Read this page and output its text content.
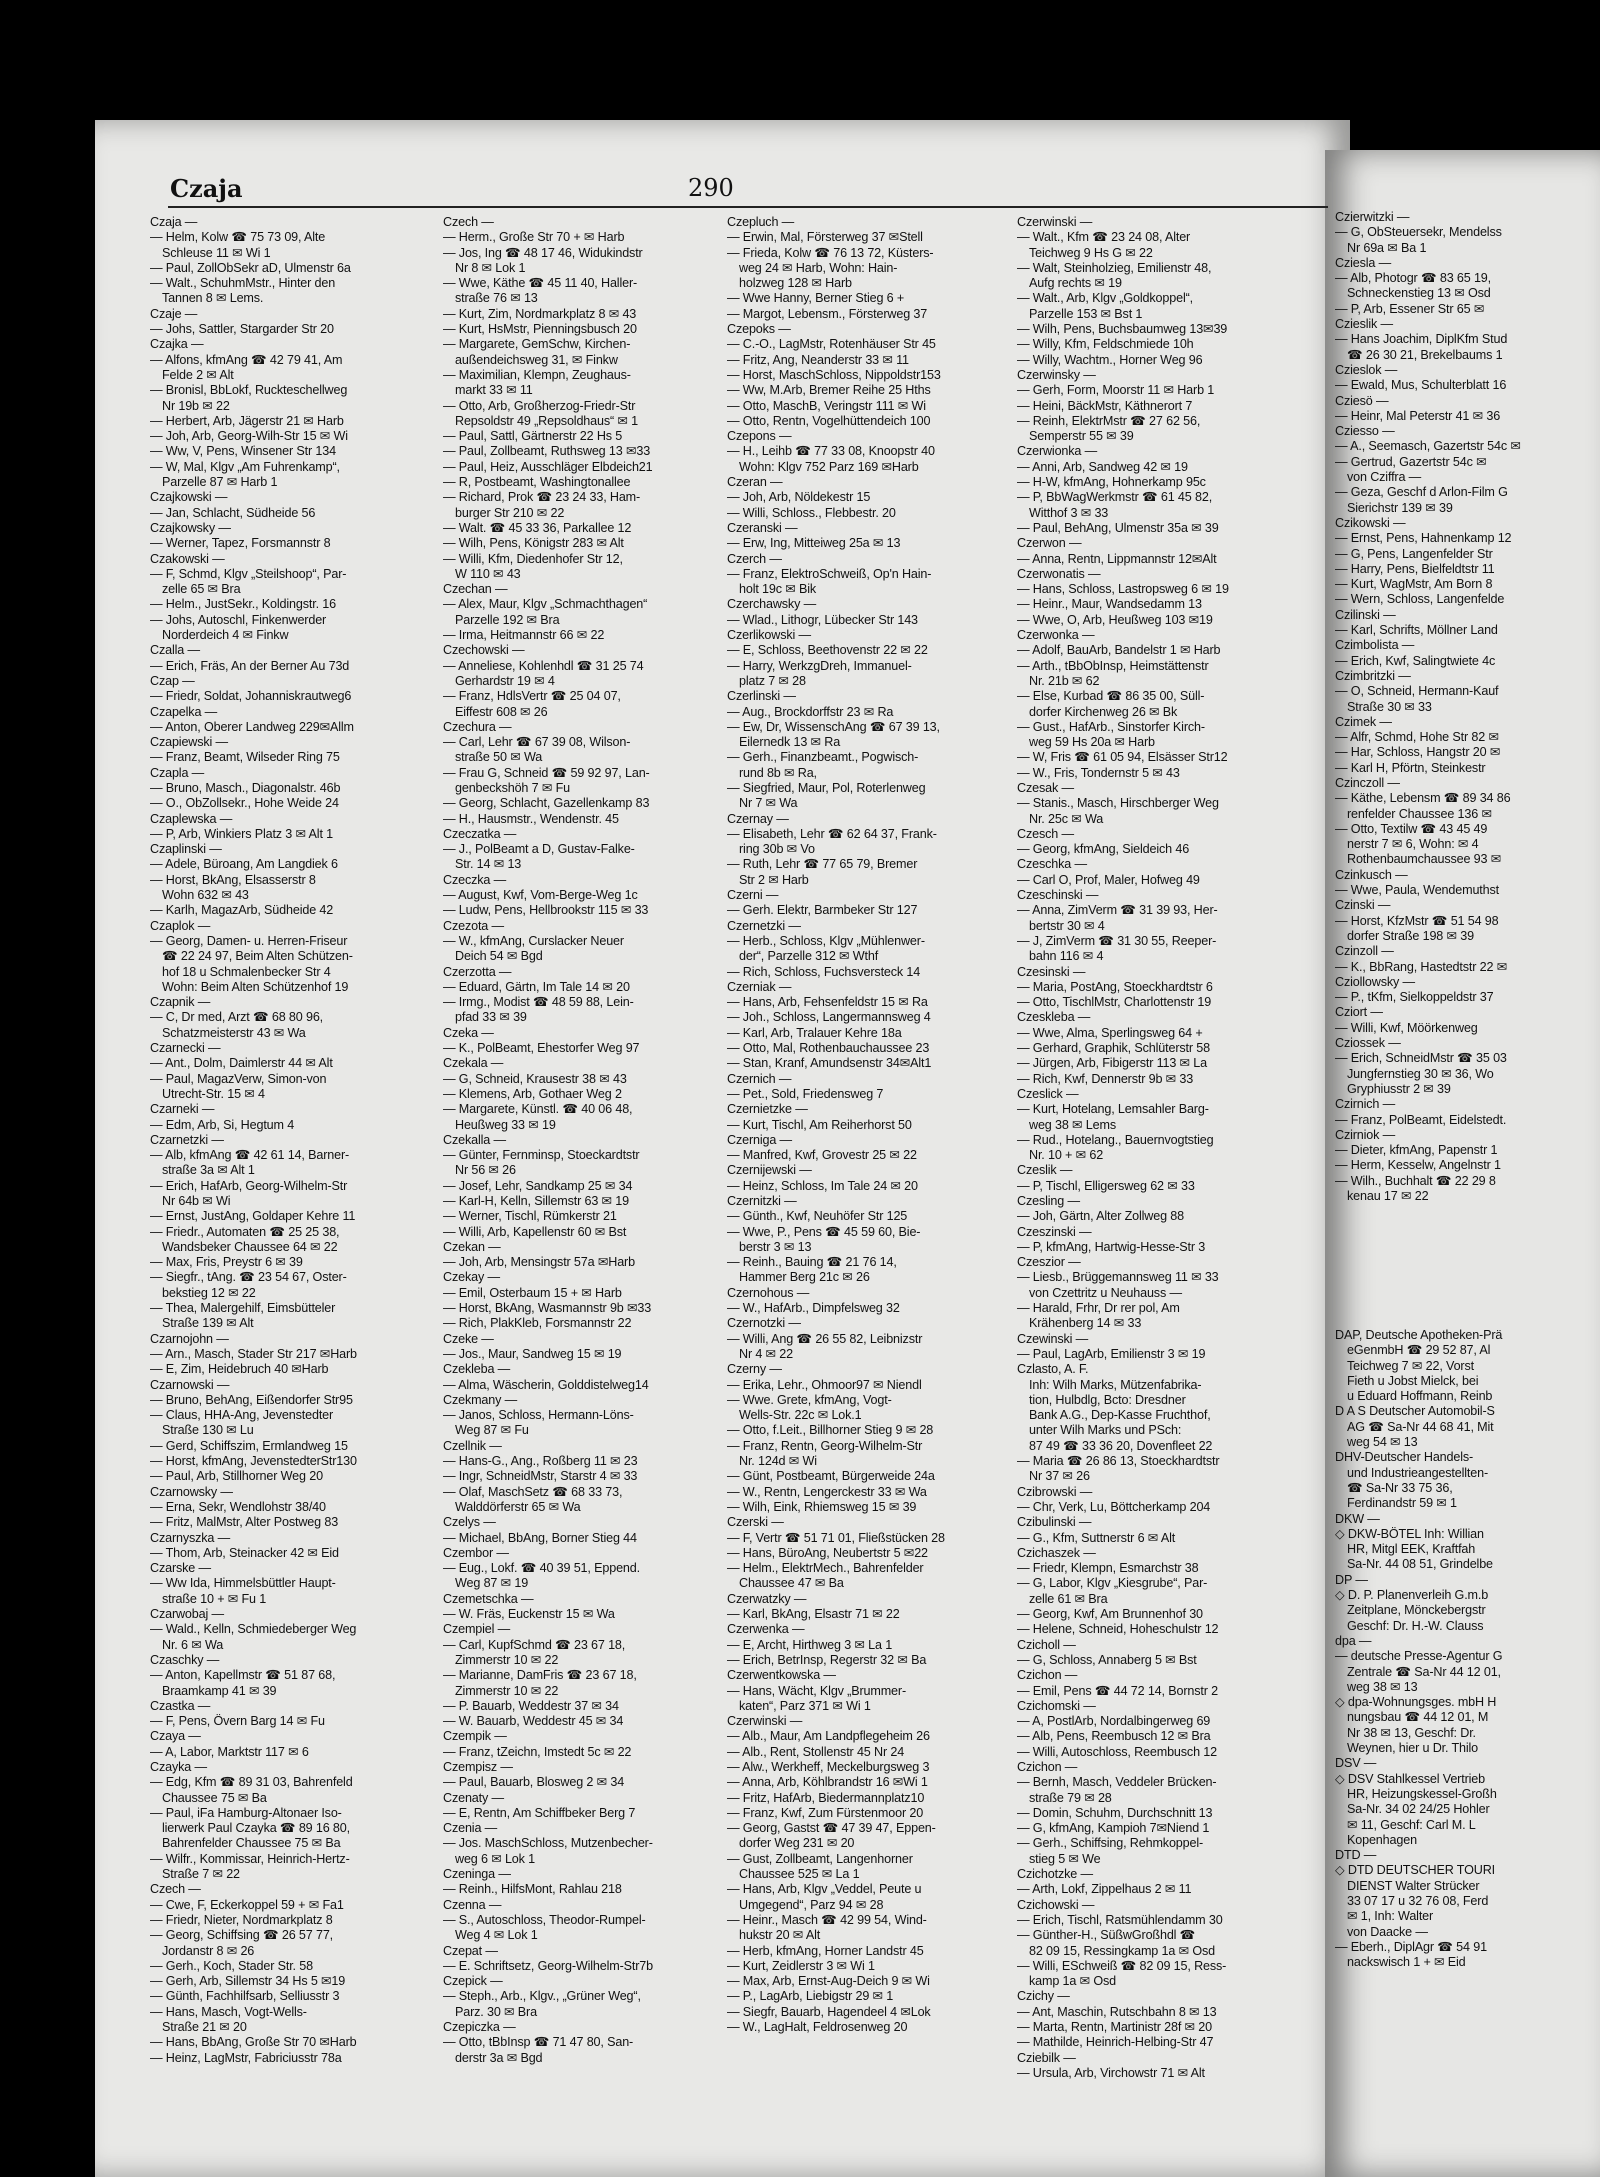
Czaja	290
Czaja —
— Helm, Kolw ☎ 75 73 09, Alte
Schleuse 11 ✉ Wi 1
— Paul, ZollObSekr aD, Ulmenstr 6a
— Walt., SchuhmMstr., Hinter den
Tannen 8 ✉ Lems.
Czaje —
— Johs, Sattler, Stargarder Str 20
Czajka —
— Alfons, kfmAng ☎ 42 79 41, Am
Felde 2 ✉ Alt
— Bronisl, BbLokf, Ruckteschellweg
Nr 19b ✉ 22
— Herbert, Arb, Jägerstr 21 ✉ Harb
— Joh, Arb, Georg-Wilh-Str 15 ✉ Wi
— Ww, V, Pens, Winsener Str 134
— W, Mal, Klgv „Am Fuhrenkamp“,
Parzelle 87 ✉ Harb 1
Czajkowski —
— Jan, Schlacht, Südheide 56
Czajkowsky —
— Werner, Tapez, Forsmannstr 8
Czakowski —
— F, Schmd, Klgv „Steilshoop“, Par-
zelle 65 ✉ Bra
— Helm., JustSekr., Koldingstr. 16
— Johs, Autoschl, Finkenwerder
Norderdeich 4 ✉ Finkw
Czalla —
— Erich, Fräs, An der Berner Au 73d
Czap —
— Friedr, Soldat, Johanniskrautweg6
Czapelka —
— Anton, Oberer Landweg 229✉Allm
Czapiewski —
— Franz, Beamt, Wilseder Ring 75
Czapla —
— Bruno, Masch., Diagonalstr. 46b
— O., ObZollsekr., Hohe Weide 24
Czaplewska —
— P, Arb, Winkiers Platz 3 ✉ Alt 1
Czaplinski —
— Adele, Büroang, Am Langdiek 6
— Horst, BkAng, Elsasserstr 8
Wohn 632 ✉ 43
— Karlh, MagazArb, Südheide 42
Czaplok —
— Georg, Damen- u. Herren-Friseur
☎ 22 24 97, Beim Alten Schützen-
hof 18 u Schmalenbecker Str 4
Wohn: Beim Alten Schützenhof 19
Czapnik —
— C, Dr med, Arzt ☎ 68 80 96,
Schatzmeisterstr 43 ✉ Wa
Czarnecki —
— Ant., Dolm, Daimlerstr 44 ✉ Alt
— Paul, MagazVerw, Simon-von
Utrecht-Str. 15 ✉ 4
Czarneki —
— Edm, Arb, Si, Hegtum 4
Czarnetzki —
— Alb, kfmAng ☎ 42 61 14, Barner-
straße 3a ✉ Alt 1
— Erich, HafArb, Georg-Wilhelm-Str
Nr 64b ✉ Wi
— Ernst, JustAng, Goldaper Kehre 11
— Friedr., Automaten ☎ 25 25 38,
Wandsbeker Chaussee 64 ✉ 22
— Max, Fris, Preystr 6 ✉ 39
— Siegfr., tAng. ☎ 23 54 67, Oster-
bekstieg 12 ✉ 22
— Thea, Malergehilf, Eimsbütteler
Straße 139 ✉ Alt
Czarnojohn —
— Arn., Masch, Stader Str 217 ✉Harb
— E, Zim, Heidebruch 40 ✉Harb
Czarnowski —
— Bruno, BehAng, Eißendorfer Str95
— Claus, HHA-Ang, Jevenstedter
Straße 130 ✉ Lu
— Gerd, Schiffszim, Ermlandweg 15
— Horst, kfmAng, JevenstedterStr130
— Paul, Arb, Stillhorner Weg 20
Czarnowsky —
— Erna, Sekr, Wendlohstr 38/40
— Fritz, MalMstr, Alter Postweg 83
Czarnyszka —
— Thom, Arb, Steinacker 42 ✉ Eid
Czarske —
— Ww Ida, Himmelsbüttler Haupt-
straße 10 + ✉ Fu 1
Czarwobaj —
— Wald., Kelln, Schmiedeberger Weg
Nr. 6 ✉ Wa
Czaschky —
— Anton, Kapellmstr ☎ 51 87 68,
Braamkamp 41 ✉ 39
Czastka —
— F, Pens, Övern Barg 14 ✉ Fu
Czaya —
— A, Labor, Marktstr 117 ✉ 6
Czayka —
— Edg, Kfm ☎ 89 31 03, Bahrenfeld
Chaussee 75 ✉ Ba
— Paul, iFa Hamburg-Altonaer Iso-
lierwerk Paul Czayka ☎ 89 16 80,
Bahrenfelder Chaussee 75 ✉ Ba
— Wilfr., Kommissar, Heinrich-Hertz-
Straße 7 ✉ 22
Czech —
— Cwe, F, Eckerkoppel 59 + ✉ Fa1
— Friedr, Nieter, Nordmarkplatz 8
— Georg, Schiffsing ☎ 26 57 77,
Jordanstr 8 ✉ 26
— Gerh., Koch, Stader Str. 58
— Gerh, Arb, Sillemstr 34 Hs 5 ✉19
— Günth, Fachhilfsarb, Selliusstr 3
— Hans, Masch, Vogt-Wells-
Straße 21 ✉ 20
— Hans, BbAng, Große Str 70 ✉Harb
— Heinz, LagMstr, Fabriciusstr 78a
Czech —
— Herm., Große Str 70 + ✉ Harb
— Jos, Ing ☎ 48 17 46, Widukindstr
Nr 8 ✉ Lok 1
— Wwe, Käthe ☎ 45 11 40, Haller-
straße 76 ✉ 13
— Kurt, Zim, Nordmarkplatz 8 ✉ 43
— Kurt, HsMstr, Pienningsbusch 20
— Margarete, GemSchw, Kirchen-
außendeichsweg 31, ✉ Finkw
— Maximilian, Klempn, Zeughaus-
markt 33 ✉ 11
— Otto, Arb, Großherzog-Friedr-Str
Repsoldstr 49 „Repsoldhaus“ ✉ 1
— Paul, Sattl, Gärtnerstr 22 Hs 5
— Paul, Zollbeamt, Ruthsweg 13 ✉33
— Paul, Heiz, Ausschläger Elbdeich21
— R, Postbeamt, Washingtonallee
— Richard, Prok ☎ 23 24 33, Ham-
burger Str 210 ✉ 22
— Walt. ☎ 45 33 36, Parkallee 12
— Wilh, Pens, Königstr 283 ✉ Alt
— Willi, Kfm, Diedenhofer Str 12,
W 110 ✉ 43
Czechan —
— Alex, Maur, Klgv „Schmachthagen“
Parzelle 192 ✉ Bra
— Irma, Heitmannstr 66 ✉ 22
Czechowski —
— Anneliese, Kohlenhdl ☎ 31 25 74
Gerhardstr 19 ✉ 4
— Franz, HdlsVertr ☎ 25 04 07,
Eiffestr 608 ✉ 26
Czechura —
— Carl, Lehr ☎ 67 39 08, Wilson-
straße 50 ✉ Wa
— Frau G, Schneid ☎ 59 92 97, Lan-
genbeckshöh 7 ✉ Fu
— Georg, Schlacht, Gazellenkamp 83
— H., Hausmstr., Wendenstr. 45
Czeczatka —
— J., PolBeamt a D, Gustav-Falke-
Str. 14 ✉ 13
Czeczka —
— August, Kwf, Vom-Berge-Weg 1c
— Ludw, Pens, Hellbrookstr 115 ✉ 33
Czezota —
— W., kfmAng, Curslacker Neuer
Deich 54 ✉ Bgd
Czerzotta —
— Eduard, Gärtn, Im Tale 14 ✉ 20
— Irmg., Modist ☎ 48 59 88, Lein-
pfad 33 ✉ 39
Czeka —
— K., PolBeamt, Ehestorfer Weg 97
Czekala —
— G, Schneid, Krausestr 38 ✉ 43
— Klemens, Arb, Gothaer Weg 2
— Margarete, Künstl. ☎ 40 06 48,
Heußweg 33 ✉ 19
Czekalla —
— Günter, Fernminsp, Stoeckardtstr
Nr 56 ✉ 26
— Josef, Lehr, Sandkamp 25 ✉ 34
— Karl-H, Kelln, Sillemstr 63 ✉ 19
— Werner, Tischl, Rümkerstr 21
— Willi, Arb, Kapellenstr 60 ✉ Bst
Czekan —
— Joh, Arb, Mensingstr 57a ✉Harb
Czekay —
— Emil, Osterbaum 15 + ✉ Harb
— Horst, BkAng, Wasmannstr 9b ✉33
— Rich, PlakKleb, Forsmannstr 22
Czeke —
— Jos., Maur, Sandweg 15 ✉ 19
Czekleba —
— Alma, Wäscherin, Golddistelweg14
Czekmany —
— Janos, Schloss, Hermann-Löns-
Weg 87 ✉ Fu
Czellnik —
— Hans-G., Ang., Roßberg 11 ✉ 23
— Ingr, SchneidMstr, Starstr 4 ✉ 33
— Olaf, MaschSetz ☎ 68 33 73,
Walddörferstr 65 ✉ Wa
Czelys —
— Michael, BbAng, Borner Stieg 44
Czembor —
— Eug., Lokf. ☎ 40 39 51, Eppend.
Weg 87 ✉ 19
Czemetschka —
— W. Fräs, Euckenstr 15 ✉ Wa
Czempiel —
— Carl, KupfSchmd ☎ 23 67 18,
Zimmerstr 10 ✉ 22
— Marianne, DamFris ☎ 23 67 18,
Zimmerstr 10 ✉ 22
— P. Bauarb, Weddestr 37 ✉ 34
— W. Bauarb, Weddestr 45 ✉ 34
Czempik —
— Franz, tZeichn, Imstedt 5c ✉ 22
Czempisz —
— Paul, Bauarb, Blosweg 2 ✉ 34
Czenaty —
— E, Rentn, Am Schiffbeker Berg 7
Czenia —
— Jos. MaschSchloss, Mutzenbecher-
weg 6 ✉ Lok 1
Czeninga —
— Reinh., HilfsMont, Rahlau 218
Czenna —
— S., Autoschloss, Theodor-Rumpel-
Weg 4 ✉ Lok 1
Czepat —
— E. Schriftsetz, Georg-Wilhelm-Str7b
Czepick —
— Steph., Arb., Klgv., „Grüner Weg“,
Parz. 30 ✉ Bra
Czepiczka —
— Otto, tBbInsp ☎ 71 47 80, San-
derstr 3a ✉ Bgd
Czepluch —
— Erwin, Mal, Försterweg 37 ✉Stell
— Frieda, Kolw ☎ 76 13 72, Küsters-
weg 24 ✉ Harb, Wohn: Hain-
holzweg 128 ✉ Harb
— Wwe Hanny, Berner Stieg 6 +
— Margot, Lebensm., Försterweg 37
Czepoks —
— C.-O., LagMstr, Rotenhäuser Str 45
— Fritz, Ang, Neanderstr 33 ✉ 11
— Horst, MaschSchloss, Nippoldstr153
— Ww, M.Arb, Bremer Reihe 25 Hths
— Otto, MaschB, Veringstr 111 ✉ Wi
— Otto, Rentn, Vogelhüttendeich 100
Czepons —
— H., Leihb ☎ 77 33 08, Knoopstr 40
Wohn: Klgv 752 Parz 169 ✉Harb
Czeran —
— Joh, Arb, Nöldekestr 15
— Willi, Schloss., Flebbestr. 20
Czeranski —
— Erw, Ing, Mitteiweg 25a ✉ 13
Czerch —
— Franz, ElektroSchweiß, Op'n Hain-
holt 19c ✉ Bik
Czerchawsky —
— Wlad., Lithogr, Lübecker Str 143
Czerlikowski —
— E, Schloss, Beethovenstr 22 ✉ 22
— Harry, WerkzgDreh, Immanuel-
platz 7 ✉ 28
Czerlinski —
— Aug., Brockdorffstr 23 ✉ Ra
— Ew, Dr, WissenschAng ☎ 67 39 13,
Eilernedk 13 ✉ Ra
— Gerh., Finanzbeamt., Pogwisch-
rund 8b ✉ Ra,
— Siegfried, Maur, Pol, Roterlenweg
Nr 7 ✉ Wa
Czernay —
— Elisabeth, Lehr ☎ 62 64 37, Frank-
ring 30b ✉ Vo
— Ruth, Lehr ☎ 77 65 79, Bremer
Str 2 ✉ Harb
Czerni —
— Gerh. Elektr, Barmbeker Str 127
Czernetzki —
— Herb., Schloss, Klgv „Mühlenwer-
der“, Parzelle 312 ✉ Wthf
— Rich, Schloss, Fuchsversteck 14
Czerniak —
— Hans, Arb, Fehsenfeldstr 15 ✉ Ra
— Joh., Schloss, Langermannsweg 4
— Karl, Arb, Tralauer Kehre 18a
— Otto, Mal, Rothenbauchaussee 23
— Stan, Kranf, Amundsenstr 34✉Alt1
Czernich —
— Pet., Sold, Friedensweg 7
Czernietzke —
— Kurt, Tischl, Am Reiherhorst 50
Czerniga —
— Manfred, Kwf, Grovestr 25 ✉ 22
Czernijewski —
— Heinz, Schloss, Im Tale 24 ✉ 20
Czernitzki —
— Günth., Kwf, Neuhöfer Str 125
— Wwe, P., Pens ☎ 45 59 60, Bie-
berstr 3 ✉ 13
— Reinh., Bauing ☎ 21 76 14,
Hammer Berg 21c ✉ 26
Czernohous —
— W., HafArb., Dimpfelsweg 32
Czernotzki —
— Willi, Ang ☎ 26 55 82, Leibnizstr
Nr 4 ✉ 22
Czerny —
— Erika, Lehr., Ohmoor97 ✉ Niendl
— Wwe. Grete, kfmAng, Vogt-
Wells-Str. 22c ✉ Lok.1
— Otto, f.Leit., Billhorner Stieg 9 ✉ 28
— Franz, Rentn, Georg-Wilhelm-Str
Nr. 124d ✉ Wi
— Günt, Postbeamt, Bürgerweide 24a
— W., Rentn, Lengerckestr 33 ✉ Wa
— Wilh, Eink, Rhiemsweg 15 ✉ 39
Czerski —
— F, Vertr ☎ 51 71 01, Fließstücken 28
— Hans, BüroAng, Neubertstr 5 ✉22
— Helm., ElektrMech., Bahrenfelder
Chaussee 47 ✉ Ba
Czerwatzky —
— Karl, BkAng, Elsastr 71 ✉ 22
Czerwenka —
— E, Archt, Hirthweg 3 ✉ La 1
— Erich, BetrInsp, Regerstr 32 ✉ Ba
Czerwentkowska —
— Hans, Wächt, Klgv „Brummer-
katen“, Parz 371 ✉ Wi 1
Czerwinski —
— Alb., Maur, Am Landpflegeheim 26
— Alb., Rent, Stollenstr 45 Nr 24
— Alw., Werkheff, Meckelburgsweg 3
— Anna, Arb, Köhlbrandstr 16 ✉Wi 1
— Fritz, HafArb, Biedermannplatz10
— Franz, Kwf, Zum Fürstenmoor 20
— Georg, Gastst ☎ 47 39 47, Eppen-
dorfer Weg 231 ✉ 20
— Gust, Zollbeamt, Langenhorner
Chaussee 525 ✉ La 1
— Hans, Arb, Klgv „Veddel, Peute u
Umgegend“, Parz 94 ✉ 28
— Heinr., Masch ☎ 42 99 54, Wind-
hukstr 20 ✉ Alt
— Herb, kfmAng, Horner Landstr 45
— Kurt, Zeidlerstr 3 ✉ Wi 1
— Max, Arb, Ernst-Aug-Deich 9 ✉ Wi
— P., LagArb, Liebigstr 29 ✉ 1
— Siegfr, Bauarb, Hagendeel 4 ✉Lok
— W., LagHalt, Feldrosenweg 20
Czerwinski —
— Walt., Kfm ☎ 23 24 08, Alter
Teichweg 9 Hs G ✉ 22
— Walt, Steinholzieg, Emilienstr 48,
Aufg rechts ✉ 19
— Walt., Arb, Klgv „Goldkoppel“,
Parzelle 153 ✉ Bst 1
— Wilh, Pens, Buchsbaumweg 13✉39
— Willy, Kfm, Feldschmiede 10h
— Willy, Wachtm., Horner Weg 96
Czerwinsky —
— Gerh, Form, Moorstr 11 ✉ Harb 1
— Heini, BäckMstr, Käthnerort 7
— Reinh, ElektrMstr ☎ 27 62 56,
Semperstr 55 ✉ 39
Czerwionka —
— Anni, Arb, Sandweg 42 ✉ 19
— H-W, kfmAng, Hohnerkamp 95c
— P, BbWagWerkmstr ☎ 61 45 82,
Witthof 3 ✉ 33
— Paul, BehAng, Ulmenstr 35a ✉ 39
Czerwon —
— Anna, Rentn, Lippmannstr 12✉Alt
Czerwonatis —
— Hans, Schloss, Lastropsweg 6 ✉ 19
— Heinr., Maur, Wandsedamm 13
— Wwe, O, Arb, Heußweg 103 ✉19
Czerwonka —
— Adolf, BauArb, Bandelstr 1 ✉ Harb
— Arth., tBbObInsp, Heimstättenstr
Nr. 21b ✉ 62
— Else, Kurbad ☎ 86 35 00, Süll-
dorfer Kirchenweg 26 ✉ Bk
— Gust., HafArb., Sinstorfer Kirch-
weg 59 Hs 20a ✉ Harb
— W, Fris ☎ 61 05 94, Elsässer Str12
— W., Fris, Tondernstr 5 ✉ 43
Czesak —
— Stanis., Masch, Hirschberger Weg
Nr. 25c ✉ Wa
Czesch —
— Georg, kfmAng, Sieldeich 46
Czeschka —
— Carl O, Prof, Maler, Hofweg 49
Czeschinski —
— Anna, ZimVerm ☎ 31 39 93, Her-
bertstr 30 ✉ 4
— J, ZimVerm ☎ 31 30 55, Reeper-
bahn 116 ✉ 4
Czesinski —
— Maria, PostAng, Stoeckhardtstr 6
— Otto, TischlMstr, Charlottenstr 19
Czeskleba —
— Wwe, Alma, Sperlingsweg 64 +
— Gerhard, Graphik, Schlüterstr 58
— Jürgen, Arb, Fibigerstr 113 ✉ La
— Rich, Kwf, Dennerstr 9b ✉ 33
Czeslick —
— Kurt, Hotelang, Lemsahler Barg-
weg 38 ✉ Lems
— Rud., Hotelang., Bauernvogtstieg
Nr. 10 + ✉ 62
Czeslik —
— P, Tischl, Elligersweg 62 ✉ 33
Czesling —
— Joh, Gärtn, Alter Zollweg 88
Czeszinski —
— P, kfmAng, Hartwig-Hesse-Str 3
Czeszior —
— Liesb., Brüggemannsweg 11 ✉ 33
von Czettritz u Neuhauss —
— Harald, Frhr, Dr rer pol, Am
Krähenberg 14 ✉ 33
Czewinski —
— Paul, LagArb, Emilienstr 3 ✉ 19
Czlasto, A. F.
Inh: Wilh Marks, Mützenfabrika-
tion, Hulbdlg, Bcto: Dresdner
Bank A.G., Dep-Kasse Fruchthof,
unter Wilh Marks und PSch:
87 49 ☎ 33 36 20, Dovenfleet 22
— Maria ☎ 26 86 13, Stoeckhardtstr
Nr 37 ✉ 26
Czibrowski —
— Chr, Verk, Lu, Böttcherkamp 204
Czibulinski —
— G., Kfm, Suttnerstr 6 ✉ Alt
Czichaszek —
— Friedr, Klempn, Esmarchstr 38
— G, Labor, Klgv „Kiesgrube“, Par-
zelle 61 ✉ Bra
— Georg, Kwf, Am Brunnenhof 30
— Helene, Schneid, Hoheschulstr 12
Czicholl —
— G, Schloss, Annaberg 5 ✉ Bst
Czichon —
— Emil, Pens ☎ 44 72 14, Bornstr 2
Czichomski —
— A, PostlArb, Nordalbingerweg 69
— Alb, Pens, Reembusch 12 ✉ Bra
— Willi, Autoschloss, Reembusch 12
Czichon —
— Bernh, Masch, Veddeler Brücken-
straße 79 ✉ 28
— Domin, Schuhm, Durchschnitt 13
— G, kfmAng, Kampioh 7✉Niend 1
— Gerh., Schiffsing, Rehmkoppel-
stieg 5 ✉ We
Czichotzke —
— Arth, Lokf, Zippelhaus 2 ✉ 11
Czichowski —
— Erich, Tischl, Ratsmühlendamm 30
— Günther-H., SüßwGroßhdl ☎
82 09 15, Ressingkamp 1a ✉ Osd
— Willi, ESchweiß ☎ 82 09 15, Ress-
kamp 1a ✉ Osd
Czichy —
— Ant, Maschin, Rutschbahn 8 ✉ 13
— Marta, Rentn, Martinistr 28f ✉ 20
— Mathilde, Heinrich-Helbing-Str 47
Cziebilk —
— Ursula, Arb, Virchowstr 71 ✉ Alt
Czierwitzki —
— G, ObSteuersekr, Mendelss
Nr 69a ✉ Ba 1
Cziesla —
— Alb, Photogr ☎ 83 65 19,
Schneckenstieg 13 ✉ Osd
— P, Arb, Essener Str 65 ✉
Czieslik —
— Hans Joachim, DiplKfm Stud
☎ 26 30 21, Brekelbaums 1
Czieslok —
— Ewald, Mus, Schulterblatt 16
Cziesö —
— Heinr, Mal Peterstr 41 ✉ 36
Cziesso —
— A., Seemasch, Gazertstr 54c ✉
— Gertrud, Gazertstr 54c ✉
von Cziffra —
— Geza, Geschf d Arlon-Film G
Sierichstr 139 ✉ 39
Czikowski —
— Ernst, Pens, Hahnenkamp 12
— G, Pens, Langenfelder Str
— Harry, Pens, Bielfeldtstr 11
— Kurt, WagMstr, Am Born 8
— Wern, Schloss, Langenfelde
Czilinski —
— Karl, Schrifts, Möllner Land
Czimbolista —
— Erich, Kwf, Salingtwiete 4c
Czimbritzki —
— O, Schneid, Hermann-Kauf
Straße 30 ✉ 33
Czimek —
— Alfr, Schmd, Hohe Str 82 ✉
— Har, Schloss, Hangstr 20 ✉
— Karl H, Pförtn, Steinkestr
Czinczoll —
— Käthe, Lebensm ☎ 89 34 86
renfelder Chaussee 136 ✉
— Otto, Textilw ☎ 43 45 49
nerstr 7 ✉ 6, Wohn: ✉ 4
Rothenbaumchaussee 93 ✉
Czinkusch —
— Wwe, Paula, Wendemuthst
Czinski —
— Horst, KfzMstr ☎ 51 54 98
dorfer Straße 198 ✉ 39
Czinzoll —
— K., BbRang, Hastedtstr 22 ✉
Cziollowsky —
— P., tKfm, Sielkoppeldstr 37
Cziort —
— Willi, Kwf, Möörkenweg
Cziossek —
— Erich, SchneidMstr ☎ 35 03
Jungfernstieg 30 ✉ 36, Wo
Gryphiusstr 2 ✉ 39
Czirnich —
— Franz, PolBeamt, Eidelstedt.
Czirniok —
— Dieter, kfmAng, Papenstr 1
— Herm, Kesselw, Angelnstr 1
— Wilh., Buchhalt ☎ 22 29 8
kenau 17 ✉ 22
DAP, Deutsche Apotheken-Prä
eGenmbH ☎ 29 52 87, Al
Teichweg 7 ✉ 22, Vorst
Fieth u Jobst Mielck, bei
u Eduard Hoffmann, Reinb
D A S Deutscher Automobil-S
AG ☎ Sa-Nr 44 68 41, Mit
weg 54 ✉ 13
DHV-Deutscher Handels-
und Industrieangestellten-
☎ Sa-Nr 33 75 36,
Ferdinandstr 59 ✉ 1
DKW —
◇ DKW-BÖTEL Inh: Willian
HR, Mitgl EEK, Kraftfah
Sa-Nr. 44 08 51, Grindelbe
DP —
◇ D. P. Planenverleih G.m.b
Zeitplane, Mönckebergstr
Geschf: Dr. H.-W. Clauss
dpa —
— deutsche Presse-Agentur G
Zentrale ☎ Sa-Nr 44 12 01,
weg 38 ✉ 13
◇ dpa-Wohnungsges. mbH H
nungsbau ☎ 44 12 01, M
Nr 38 ✉ 13, Geschf: Dr.
Weynen, hier u Dr. Thilo
DSV —
◇ DSV Stahlkessel Vertrieb
HR, Heizungskessel-Großh
Sa-Nr. 34 02 24/25 Hohler
✉ 11, Geschf: Carl M. L
Kopenhagen
DTD —
◇ DTD DEUTSCHER TOURI
DIENST Walter Strücker
33 07 17 u 32 76 08, Ferd
✉ 1, Inh: Walter
von Daacke —
— Eberh., DiplAgr ☎ 54 91
nackswisch 1 + ✉ Eid
